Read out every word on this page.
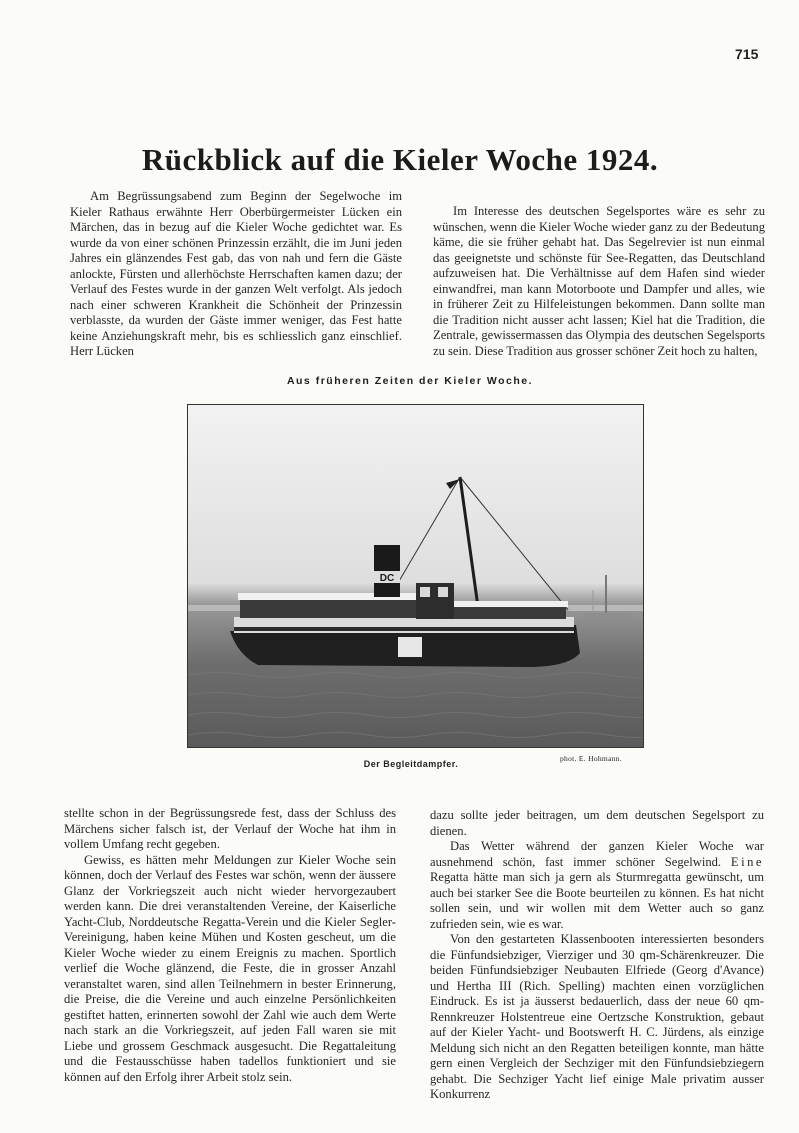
715
Rückblick auf die Kieler Woche 1924.

Am Begrüssungsabend zum Beginn der Segelwoche im Kieler Rathaus erwähnte Herr Oberbürgermeister Lücken ein Märchen, das in bezug auf die Kieler Woche gedichtet war. Es wurde da von einer schönen Prinzessin erzählt, die im Juni jeden Jahres ein glänzendes Fest gab, das von nah und fern die Gäste anlockte, Fürsten und allerhöchste Herrschaften kamen dazu; der Verlauf des Festes wurde in der ganzen Welt verfolgt. Als jedoch nach einer schweren Krankheit die Schönheit der Prinzessin verblasste, da wurden der Gäste immer weniger, das Fest hatte keine Anziehungskraft mehr, bis es schliesslich ganz einschlief. Herr Lücken

Im Interesse des deutschen Segelsportes wäre es sehr zu wünschen, wenn die Kieler Woche wieder ganz zu der Bedeutung käme, die sie früher gehabt hat. Das Segelrevier ist nun einmal das geeignetste und schönste für See-Regatten, das Deutschland aufzuweisen hat. Die Verhältnisse auf dem Hafen sind wieder einwandfrei, man kann Motorboote und Dampfer und alles, wie in früherer Zeit zu Hilfeleistungen bekommen. Dann sollte man die Tradition nicht ausser acht lassen; Kiel hat die Tradition, die Zentrale, gewissermassen das Olympia des deutschen Segelsports zu sein. Diese Tradition aus grosser schöner Zeit hoch zu halten,

Aus früheren Zeiten der Kieler Woche.
DC
Der Begleitdampfer.
phot. E. Hohmann.

stellte schon in der Begrüssungsrede fest, dass der Schluss des Märchens sicher falsch ist, der Verlauf der Woche hat ihm in vollem Umfang recht gegeben.

Gewiss, es hätten mehr Meldungen zur Kieler Woche sein können, doch der Verlauf des Festes war schön, wenn der äussere Glanz der Vorkriegszeit auch nicht wieder hervorgezaubert werden kann. Die drei veranstaltenden Vereine, der Kaiserliche Yacht-Club, Norddeutsche Regatta-Verein und die Kieler Segler-Vereinigung, haben keine Mühen und Kosten gescheut, um die Kieler Woche wieder zu einem Ereignis zu machen. Sportlich verlief die Woche glänzend, die Feste, die in grosser Anzahl veranstaltet waren, sind allen Teilnehmern in bester Erinnerung, die Preise, die die Vereine und auch einzelne Persönlichkeiten gestiftet hatten, erinnerten sowohl der Zahl wie auch dem Werte nach stark an die Vorkriegszeit, auf jeden Fall waren sie mit Liebe und grossem Geschmack ausgesucht. Die Regattaleitung und die Festausschüsse haben tadellos funktioniert und sie können auf den Erfolg ihrer Arbeit stolz sein.

dazu sollte jeder beitragen, um dem deutschen Segelsport zu dienen.

Das Wetter während der ganzen Kieler Woche war ausnehmend schön, fast immer schöner Segelwind. Eine Regatta hätte man sich ja gern als Sturmregatta gewünscht, um auch bei starker See die Boote beurteilen zu können. Es hat nicht sollen sein, und wir wollen mit dem Wetter auch so ganz zufrieden sein, wie es war.

Von den gestarteten Klassenbooten interessierten besonders die Fünfundsiebziger, Vierziger und 30 qm-Schärenkreuzer. Die beiden Fünfundsiebziger Neubauten Elfriede (Georg d'Avance) und Hertha III (Rich. Spelling) machten einen vorzüglichen Eindruck. Es ist ja äusserst bedauerlich, dass der neue 60 qm-Rennkreuzer Holstentreue eine Oertzsche Konstruktion, gebaut auf der Kieler Yacht- und Bootswerft H. C. Jürdens, als einzige Meldung sich nicht an den Regatten beteiligen konnte, man hätte gern einen Vergleich der Sechziger mit den Fünfundsiebziegern gehabt. Die Sechziger Yacht lief einige Male privatim ausser Konkurrenz
